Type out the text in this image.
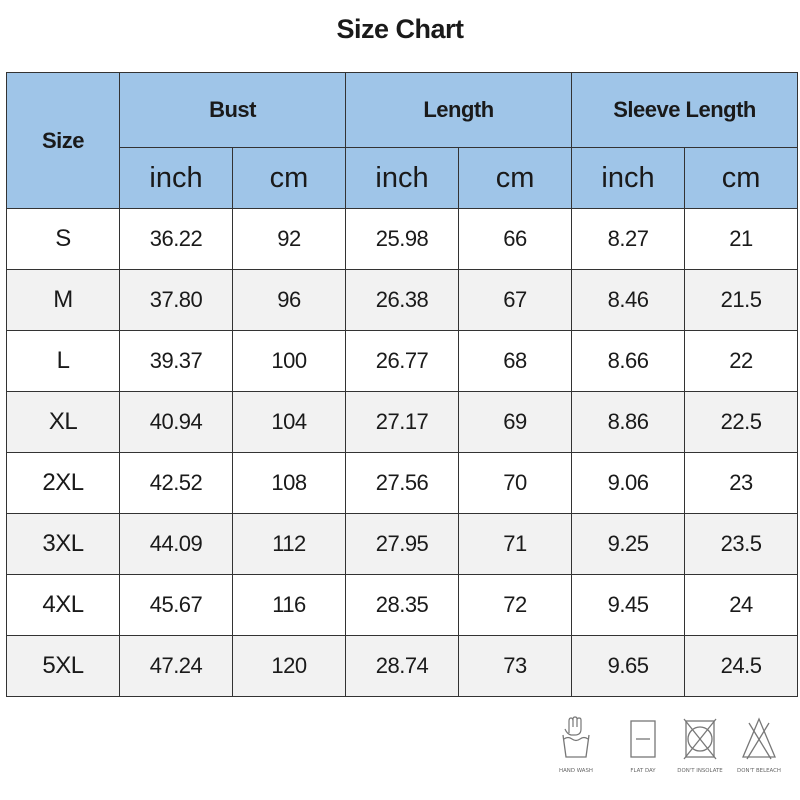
Size Chart
Size	Bust		Length		Sleeve Length	
	inch	cm	inch	cm	inch	cm
S	36.22	92	25.98	66	8.27	21
M	37.80	96	26.38	67	8.46	21.5
L	39.37	100	26.77	68	8.66	22
XL	40.94	104	27.17	69	8.86	22.5
2XL	42.52	108	27.56	70	9.06	23
3XL	44.09	112	27.95	71	9.25	23.5
4XL	45.67	116	28.35	72	9.45	24
5XL	47.24	120	28.74	73	9.65	24.5
HAND WASH	FLAT DAY	DON'T INSOLATE	DON'T BELEACH
